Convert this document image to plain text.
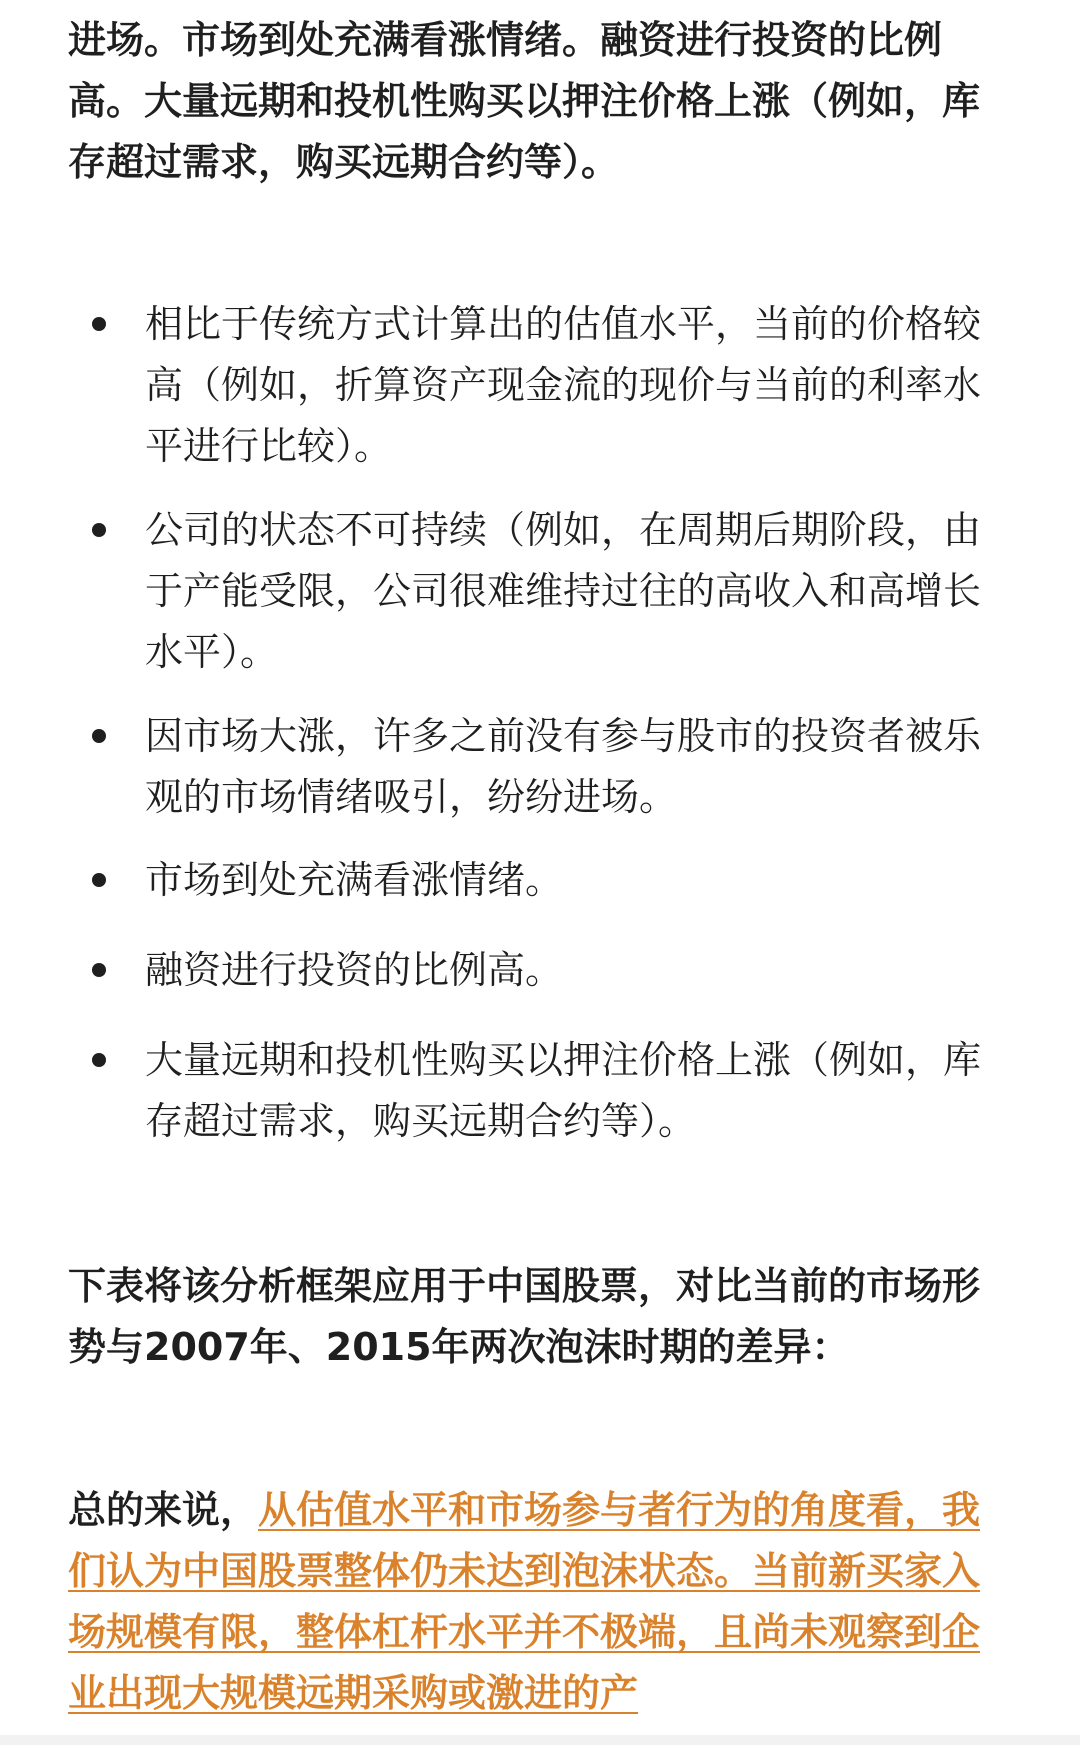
进场。市场到处充满看涨情绪。融资进行投资的比例高。大量远期和投机性购买以押注价格上涨（例如，库存超过需求，购买远期合约等）。

相比于传统方式计算出的估值水平，当前的价格较高（例如，折算资产现金流的现价与当前的利率水平进行比较）。
公司的状态不可持续（例如，在周期后期阶段，由于产能受限，公司很难维持过往的高收入和高增长水平）。
因市场大涨，许多之前没有参与股市的投资者被乐观的市场情绪吸引，纷纷进场。
市场到处充满看涨情绪。
融资进行投资的比例高。
大量远期和投机性购买以押注价格上涨（例如，库存超过需求，购买远期合约等）。

下表将该分析框架应用于中国股票，对比当前的市场形势与2007年、2015年两次泡沫时期的差异：

总的来说，从估值水平和市场参与者行为的角度看，我们认为中国股票整体仍未达到泡沫状态。当前新买家入场规模有限，整体杠杆水平并不极端，且尚未观察到企业出现大规模远期采购或激进的产
